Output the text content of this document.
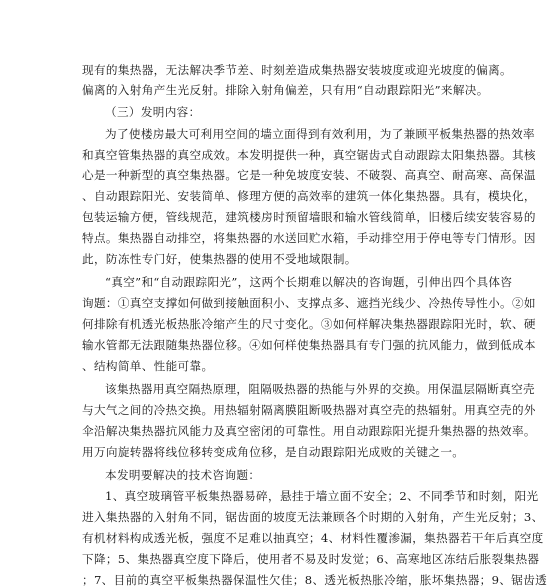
现有的集热器，无法解决季节差、时刻差造成集热器安装坡度或迎光坡度的偏离。
偏离的入射角产生光反射。排除入射角偏差，只有用“自动跟踪阳光”来解决。
（三）发明内容：
为了使楼房最大可利用空间的墙立面得到有效利用，为了兼顾平板集热器的热效率
和真空管集热器的真空成效。本发明提供一种，真空锯齿式自动跟踪太阳集热器。其核
心是一种新型的真空集热器。它是一种免坡度安装、不破裂、高真空、耐高寒、高保温
、自动跟踪阳光、安装简单、修理方便的高效率的建筑一体化集热器。具有，模块化，
包装运输方便，管线规范，建筑楼房时预留墙眼和输水管线简单，旧楼后续安装容易的
特点。集热器自动排空，将集热器的水送回贮水箱，手动排空用于停电等专门情形。因
此，防冻性专门好，使集热器的使用不受地域限制。
“真空”和“自动跟踪阳光”，这两个长期难以解决的咨询题，引伸出四个具体咨
询题：①真空支撑如何做到接触面积小、支撑点多、遮挡光线少、冷热传导性小。②如
何排除有机透光板热胀冷缩产生的尺寸变化。③如何样解决集热器跟踪阳光时，软、硬
输水管都无法跟随集热器位移。④如何样使集热器具有专门强的抗风能力，做到低成本
、结构简单、性能可靠。
该集热器用真空隔热原理，阻隔吸热器的热能与外界的交换。用保温层隔断真空壳
与大气之间的冷热交换。用热辐射隔离膜阻断吸热器对真空壳的热辐射。用真空壳的外
伞沿解决集热器抗风能力及真空密闭的可靠性。用自动跟踪阳光提升集热器的热效率。
用万向旋转器将线位移转变成角位移，是自动跟踪阳光成败的关键之一。
本发明要解决的技术咨询题：
1、真空玻璃管平板集热器易碎，悬挂于墙立面不安全；2、不同季节和时刻，阳光
进入集热器的入射角不同，锯齿面的坡度无法兼顾各个时期的入射角，产生光反射；3、
有机材料构成透光板，强度不足难以抽真空；4、材料性覆渗漏，集热器若干年后真空度
下降；5、集热器真空度下降后，使用者不易及时发觉；6、高寒地区冻结后胀裂集热器
；7、目前的真空平板集热器保温性欠佳；8、透光板热胀冷缩，胀坏集热器；9、锯齿透
